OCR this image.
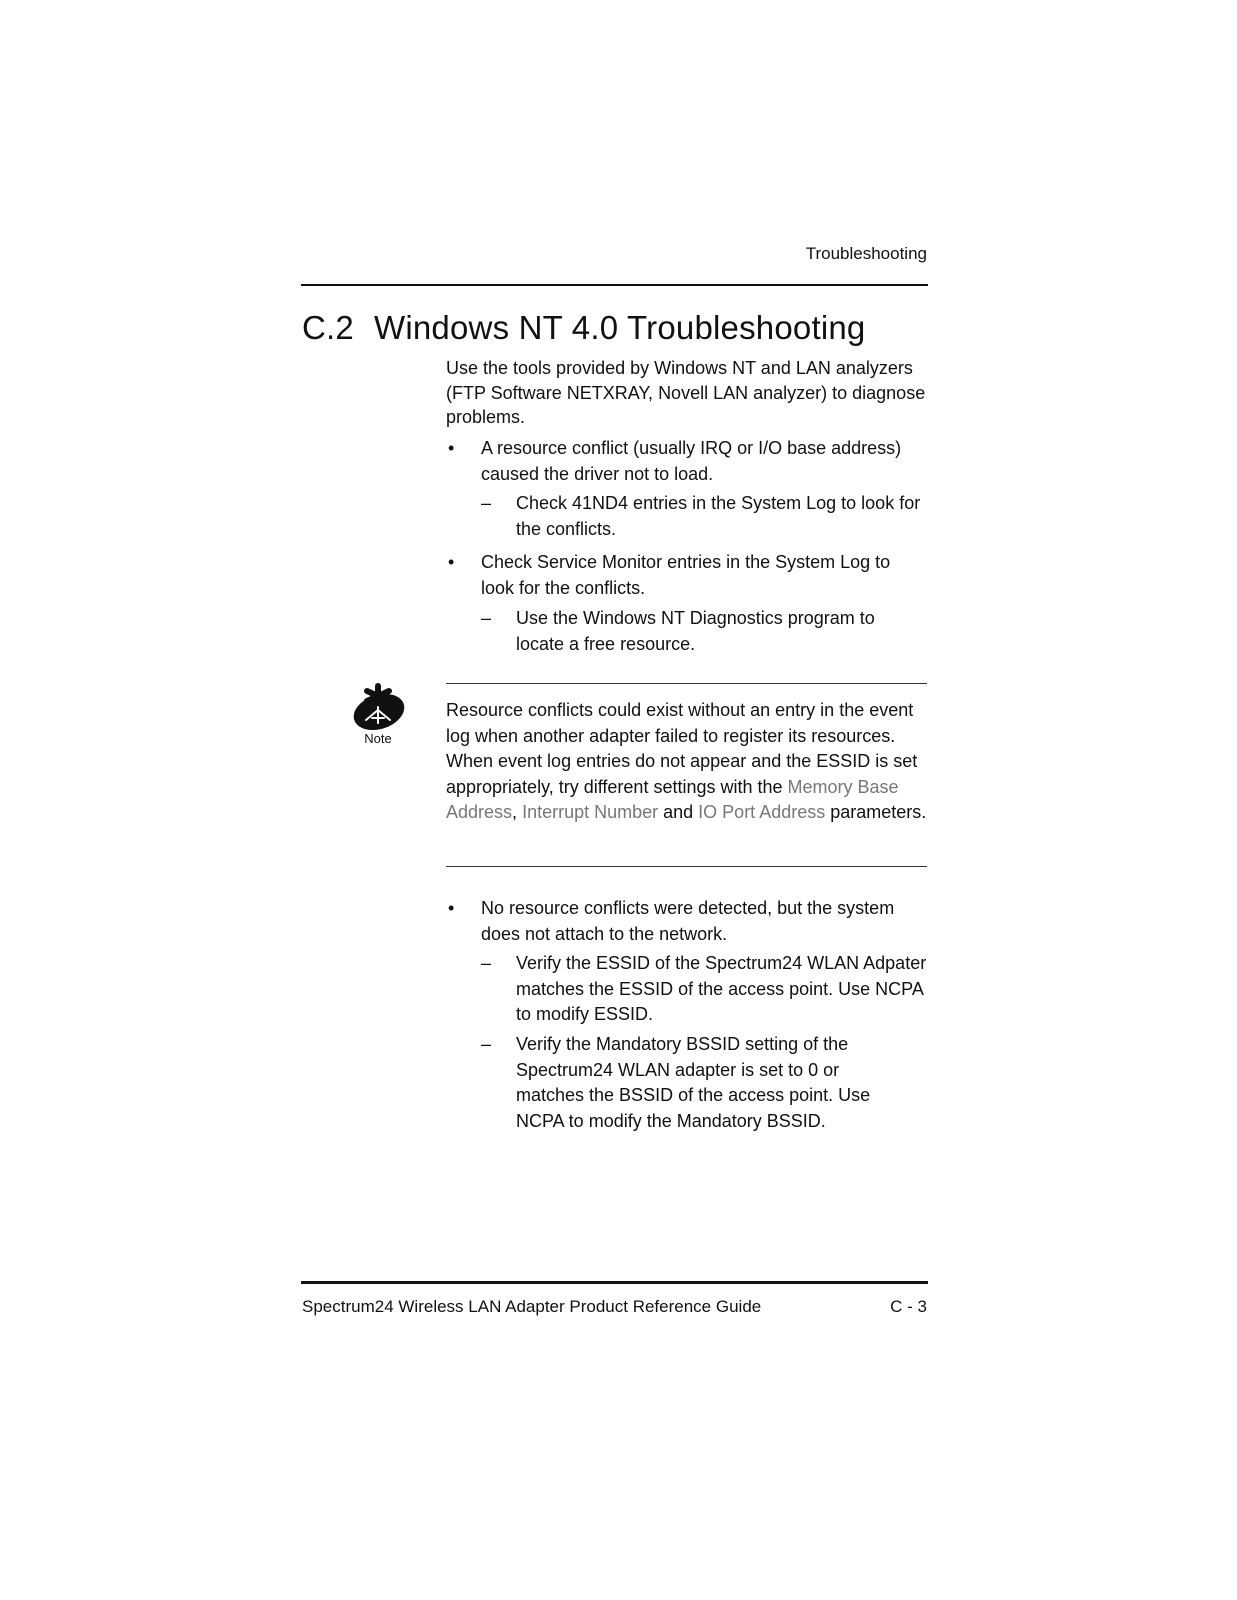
Troubleshooting
C.2 Windows NT 4.0 Troubleshooting
Use the tools provided by Windows NT and LAN analyzers (FTP Software NETXRAY, Novell LAN analyzer) to diagnose problems.
• A resource conflict (usually IRQ or I/O base address) caused the driver not to load.
– Check 41ND4 entries in the System Log to look for the conflicts.
• Check Service Monitor entries in the System Log to look for the conflicts.
– Use the Windows NT Diagnostics program to locate a free resource.
Note
Resource conflicts could exist without an entry in the event log when another adapter failed to register its resources. When event log entries do not appear and the ESSID is set appropriately, try different settings with the Memory Base Address, Interrupt Number and IO Port Address parameters.
• No resource conflicts were detected, but the system does not attach to the network.
– Verify the ESSID of the Spectrum24 WLAN Adpater matches the ESSID of the access point. Use NCPA to modify ESSID.
– Verify the Mandatory BSSID setting of the Spectrum24 WLAN adapter is set to 0 or matches the BSSID of the access point. Use NCPA to modify the Mandatory BSSID.
Spectrum24 Wireless LAN Adapter Product Reference Guide	C - 3
